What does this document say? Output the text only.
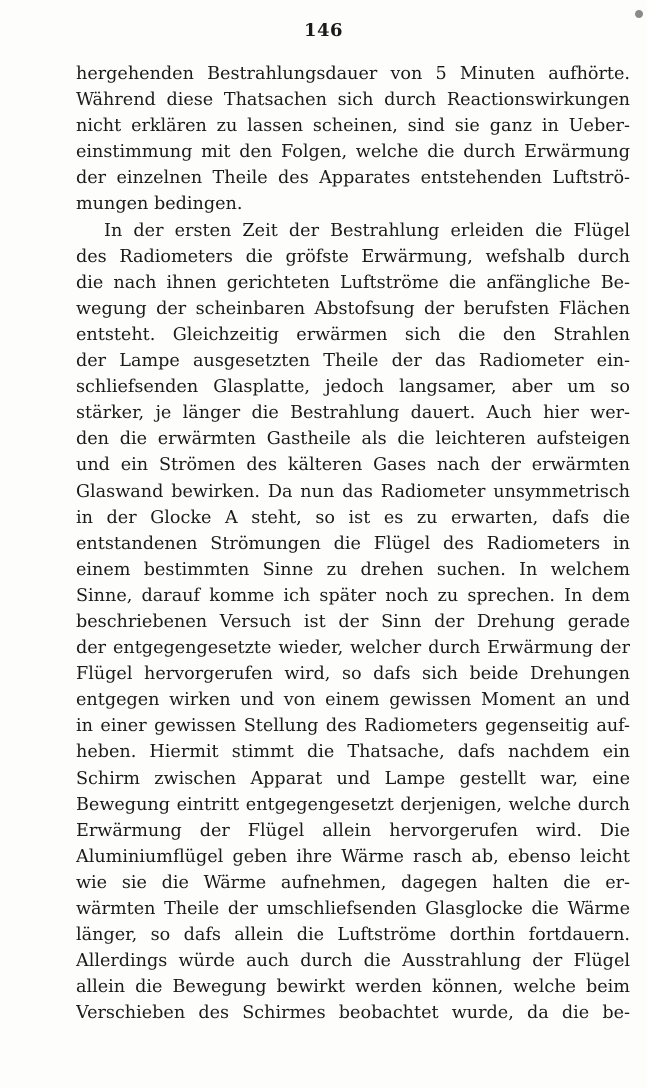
146
hergehenden Bestrahlungsdauer von 5 Minuten aufhörte.
Während diese Thatsachen sich durch Reactionswirkungen
nicht erklären zu lassen scheinen, sind sie ganz in Ueber-
einstimmung mit den Folgen, welche die durch Erwärmung
der einzelnen Theile des Apparates entstehenden Luftströ-
mungen bedingen.
In der ersten Zeit der Bestrahlung erleiden die Flügel
des Radiometers die gröfste Erwärmung, wefshalb durch
die nach ihnen gerichteten Luftströme die anfängliche Be-
wegung der scheinbaren Abstofsung der berufsten Flächen
entsteht. Gleichzeitig erwärmen sich die den Strahlen
der Lampe ausgesetzten Theile der das Radiometer ein-
schliefsenden Glasplatte, jedoch langsamer, aber um so
stärker, je länger die Bestrahlung dauert. Auch hier wer-
den die erwärmten Gastheile als die leichteren aufsteigen
und ein Strömen des kälteren Gases nach der erwärmten
Glaswand bewirken. Da nun das Radiometer unsymmetrisch
in der Glocke A steht, so ist es zu erwarten, dafs die
entstandenen Strömungen die Flügel des Radiometers in
einem bestimmten Sinne zu drehen suchen. In welchem
Sinne, darauf komme ich später noch zu sprechen. In dem
beschriebenen Versuch ist der Sinn der Drehung gerade
der entgegengesetzte wieder, welcher durch Erwärmung der
Flügel hervorgerufen wird, so dafs sich beide Drehungen
entgegen wirken und von einem gewissen Moment an und
in einer gewissen Stellung des Radiometers gegenseitig auf-
heben. Hiermit stimmt die Thatsache, dafs nachdem ein
Schirm zwischen Apparat und Lampe gestellt war, eine
Bewegung eintritt entgegengesetzt derjenigen, welche durch
Erwärmung der Flügel allein hervorgerufen wird. Die
Aluminiumflügel geben ihre Wärme rasch ab, ebenso leicht
wie sie die Wärme aufnehmen, dagegen halten die er-
wärmten Theile der umschliefsenden Glasglocke die Wärme
länger, so dafs allein die Luftströme dorthin fortdauern.
Allerdings würde auch durch die Ausstrahlung der Flügel
allein die Bewegung bewirkt werden können, welche beim
Verschieben des Schirmes beobachtet wurde, da die be-
